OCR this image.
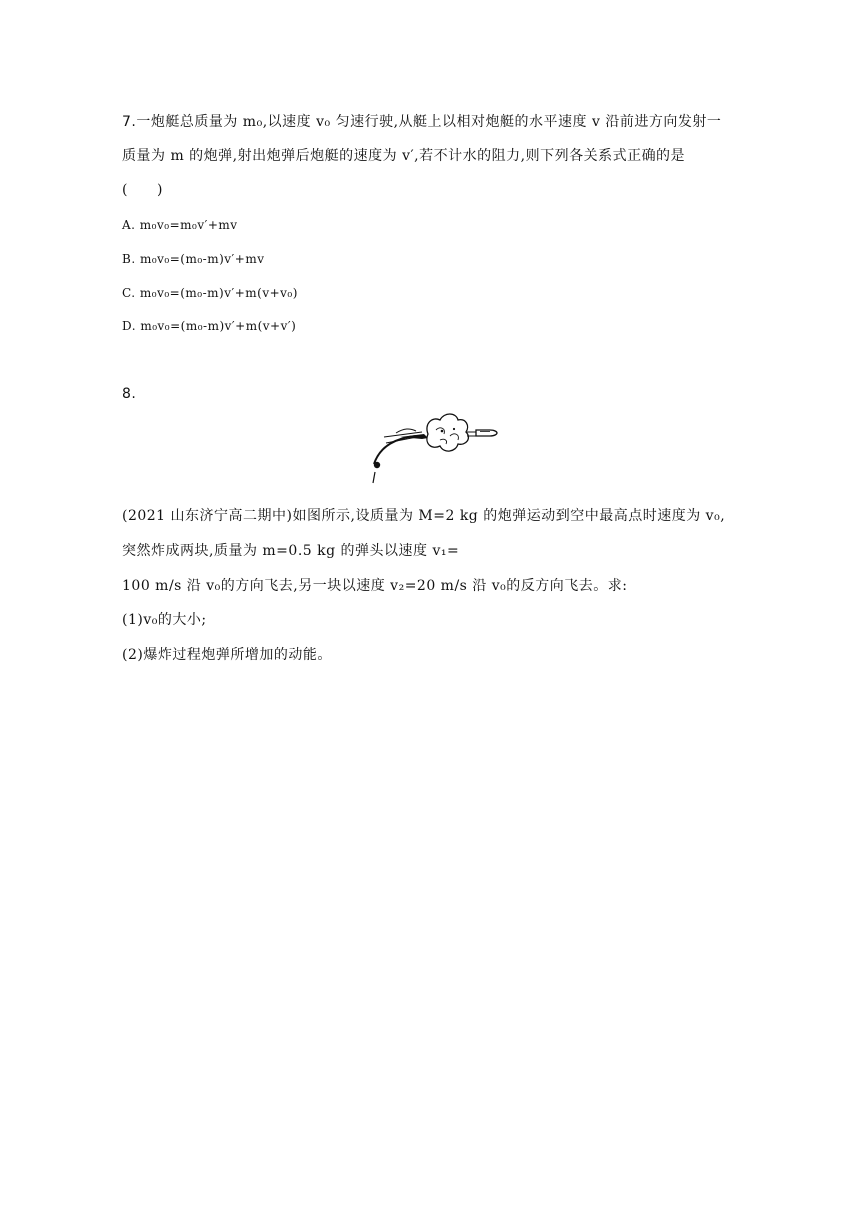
7.一炮艇总质量为 m₀,以速度 v₀ 匀速行驶,从艇上以相对炮艇的水平速度 v 沿前进方向发射一
质量为 m 的炮弹,射出炮弹后炮艇的速度为 v′,若不计水的阻力,则下列各关系式正确的是
(　　)
A. m₀v₀=m₀v′+mv
B. m₀v₀=(m₀-m)v′+mv
C. m₀v₀=(m₀-m)v′+m(v+v₀)
D. m₀v₀=(m₀-m)v′+m(v+v′)
8.
(2021 山东济宁高二期中)如图所示,设质量为 M=2 kg 的炮弹运动到空中最高点时速度为 v₀,
突然炸成两块,质量为 m=0.5 kg 的弹头以速度 v₁=
100 m/s 沿 v₀的方向飞去,另一块以速度 v₂=20 m/s 沿 v₀的反方向飞去。求:
(1)v₀的大小;
(2)爆炸过程炮弹所增加的动能。
